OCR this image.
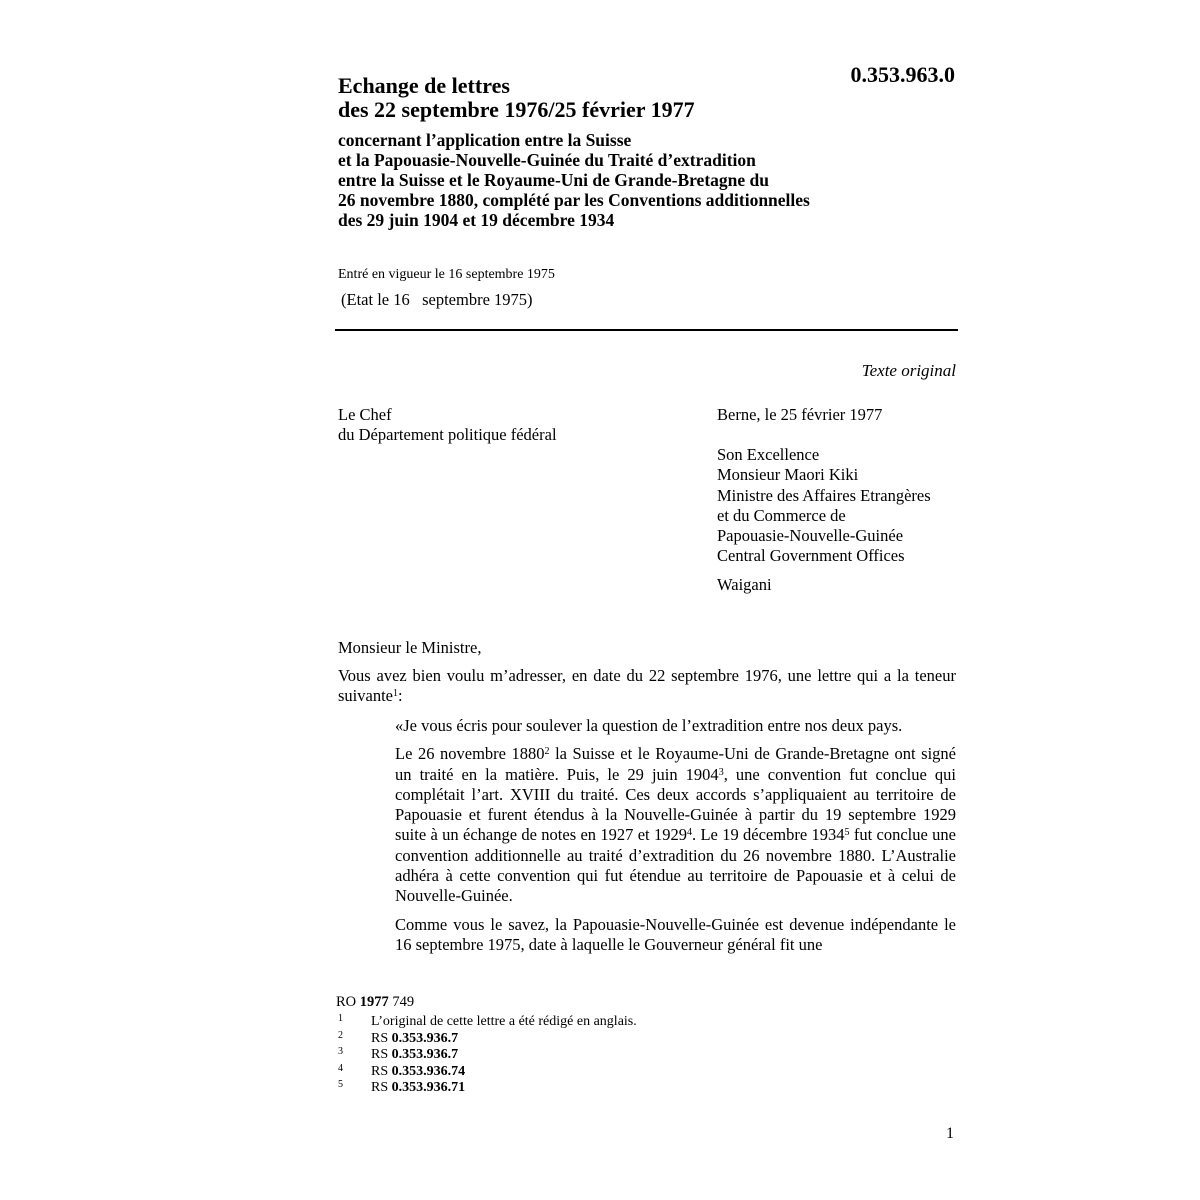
0.353.963.0

Echange de lettres
des 22 septembre 1976/25 février 1977
concernant l’application entre la Suisse
et la Papouasie-Nouvelle-Guinée du Traité d’extradition
entre la Suisse et le Royaume-Uni de Grande-Bretagne du
26 novembre 1880, complété par les Conventions additionnelles
des 29 juin 1904 et 19 décembre 1934

Entré en vigueur le 16 septembre 1975

(Etat le 16   septembre 1975)

Texte original

Le Chef
du Département politique fédéral

Berne, le 25 février 1977

Son Excellence
Monsieur Maori Kiki
Ministre des Affaires Etrangères
et du Commerce de
Papouasie-Nouvelle-Guinée
Central Government Offices

Waigani

Monsieur le Ministre,

Vous avez bien voulu m’adresser, en date du 22 septembre 1976, une lettre qui a la teneur suivante$^1$:

«Je vous écris pour soulever la question de l’extradition entre nos deux pays.

Le 26 novembre 1880$^2$ la Suisse et le Royaume-Uni de Grande-Bretagne ont signé un traité en la matière. Puis, le 29 juin 1904$^3$, une convention fut conclue qui complétait l’art. XVIII du traité. Ces deux accords s’appliquaient au territoire de Papouasie et furent étendus à la Nouvelle-Guinée à partir du 19 septembre 1929 suite à un échange de notes en 1927 et 1929$^4$. Le 19 décembre 1934$^5$ fut conclue une convention additionnelle au traité d’extradition du 26 novembre 1880. L’Australie adhéra à cette convention qui fut étendue au territoire de Papouasie et à celui de Nouvelle-Guinée.

Comme vous le savez, la Papouasie-Nouvelle-Guinée est devenue indépendante le 16 septembre 1975, date à laquelle le Gouverneur général fit une

RO 1977 749

1 L’original de cette lettre a été rédigé en anglais.
2 RS 0.353.936.7
3 RS 0.353.936.7
4 RS 0.353.936.74
5 RS 0.353.936.71

1
